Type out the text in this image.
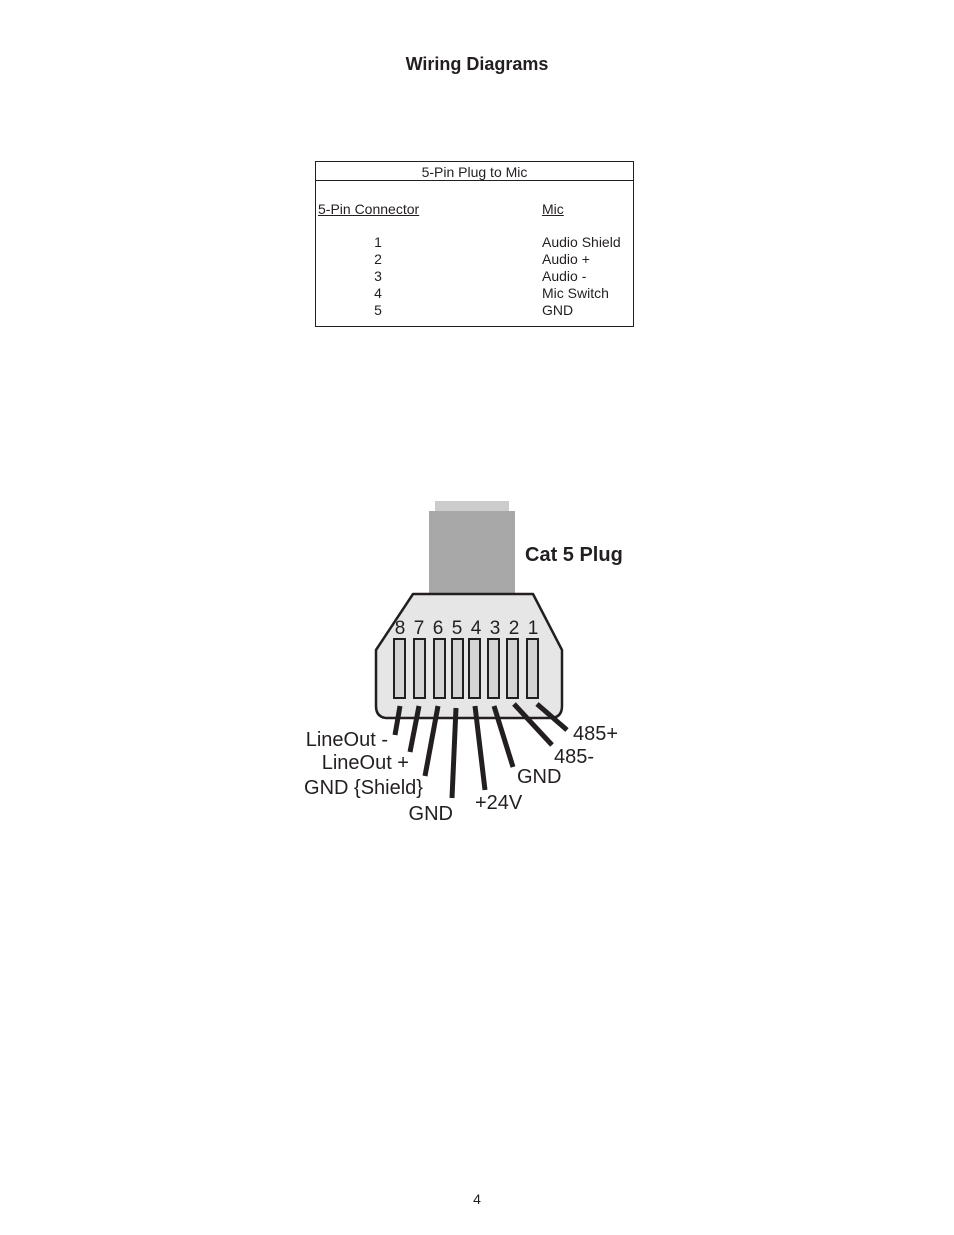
Wiring Diagrams
5-Pin Plug to Mic
5-Pin Connector	Mic
1	Audio Shield
2	Audio +
3	Audio -
4	Mic Switch
5	GND
8 7 6 5 4 3 2 1
LineOut -
LineOut +
GND {Shield}
GND +24V
GND
485-
485+
Cat 5 Plug
4
